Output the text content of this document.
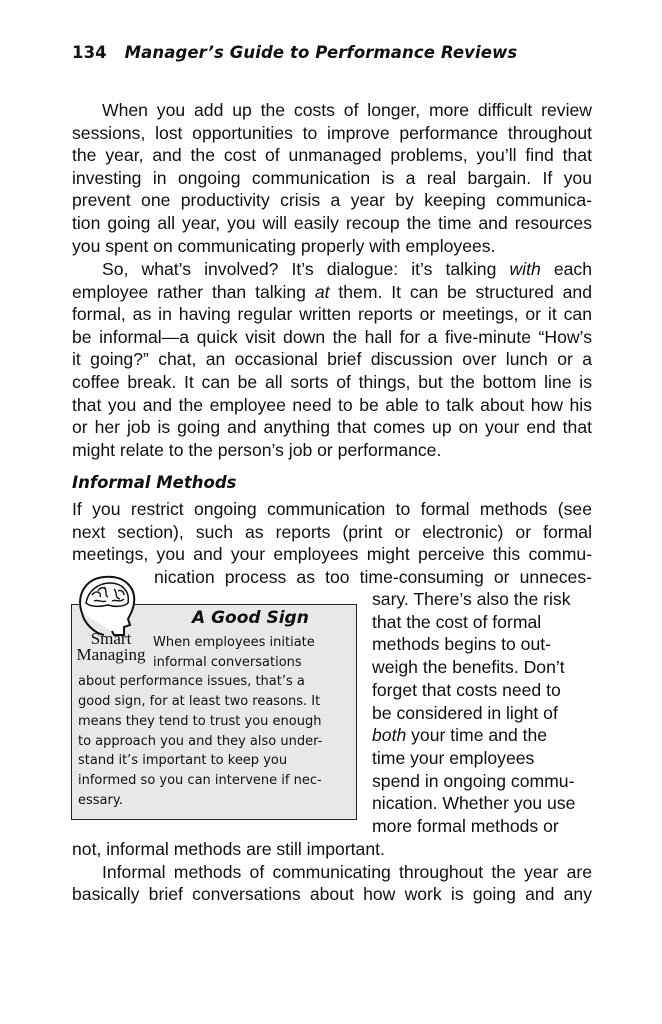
134 Manager’s Guide to Performance Reviews
When you add up the costs of longer, more difficult review
sessions, lost opportunities to improve performance throughout
the year, and the cost of unmanaged problems, you’ll find that
investing in ongoing communication is a real bargain. If you
prevent one productivity crisis a year by keeping communica-
tion going all year, you will easily recoup the time and resources
you spent on communicating properly with employees.
So, what’s involved? It’s dialogue: it’s talking with each
employee rather than talking at them. It can be structured and
formal, as in having regular written reports or meetings, or it can
be informal—a quick visit down the hall for a five-minute “How’s
it going?” chat, an occasional brief discussion over lunch or a
coffee break. It can be all sorts of things, but the bottom line is
that you and the employee need to be able to talk about how his
or her job is going and anything that comes up on your end that
might relate to the person’s job or performance.
Informal Methods
If you restrict ongoing communication to formal methods (see
next section), such as reports (print or electronic) or formal
meetings, you and your employees might perceive this commu-
nication process as too time-consuming or unneces-
Smart
Managing
A Good Sign
When employees initiate
informal conversations
about performance issues, that’s a
good sign, for at least two reasons. It
means they tend to trust you enough
to approach you and they also under-
stand it’s important to keep you
informed so you can intervene if nec-
essary.
sary. There’s also the risk
that the cost of formal
methods begins to out-
weigh the benefits. Don’t
forget that costs need to
be considered in light of
both your time and the
time your employees
spend in ongoing commu-
nication. Whether you use
more formal methods or
not, informal methods are still important.
Informal methods of communicating throughout the year are
basically brief conversations about how work is going and any
